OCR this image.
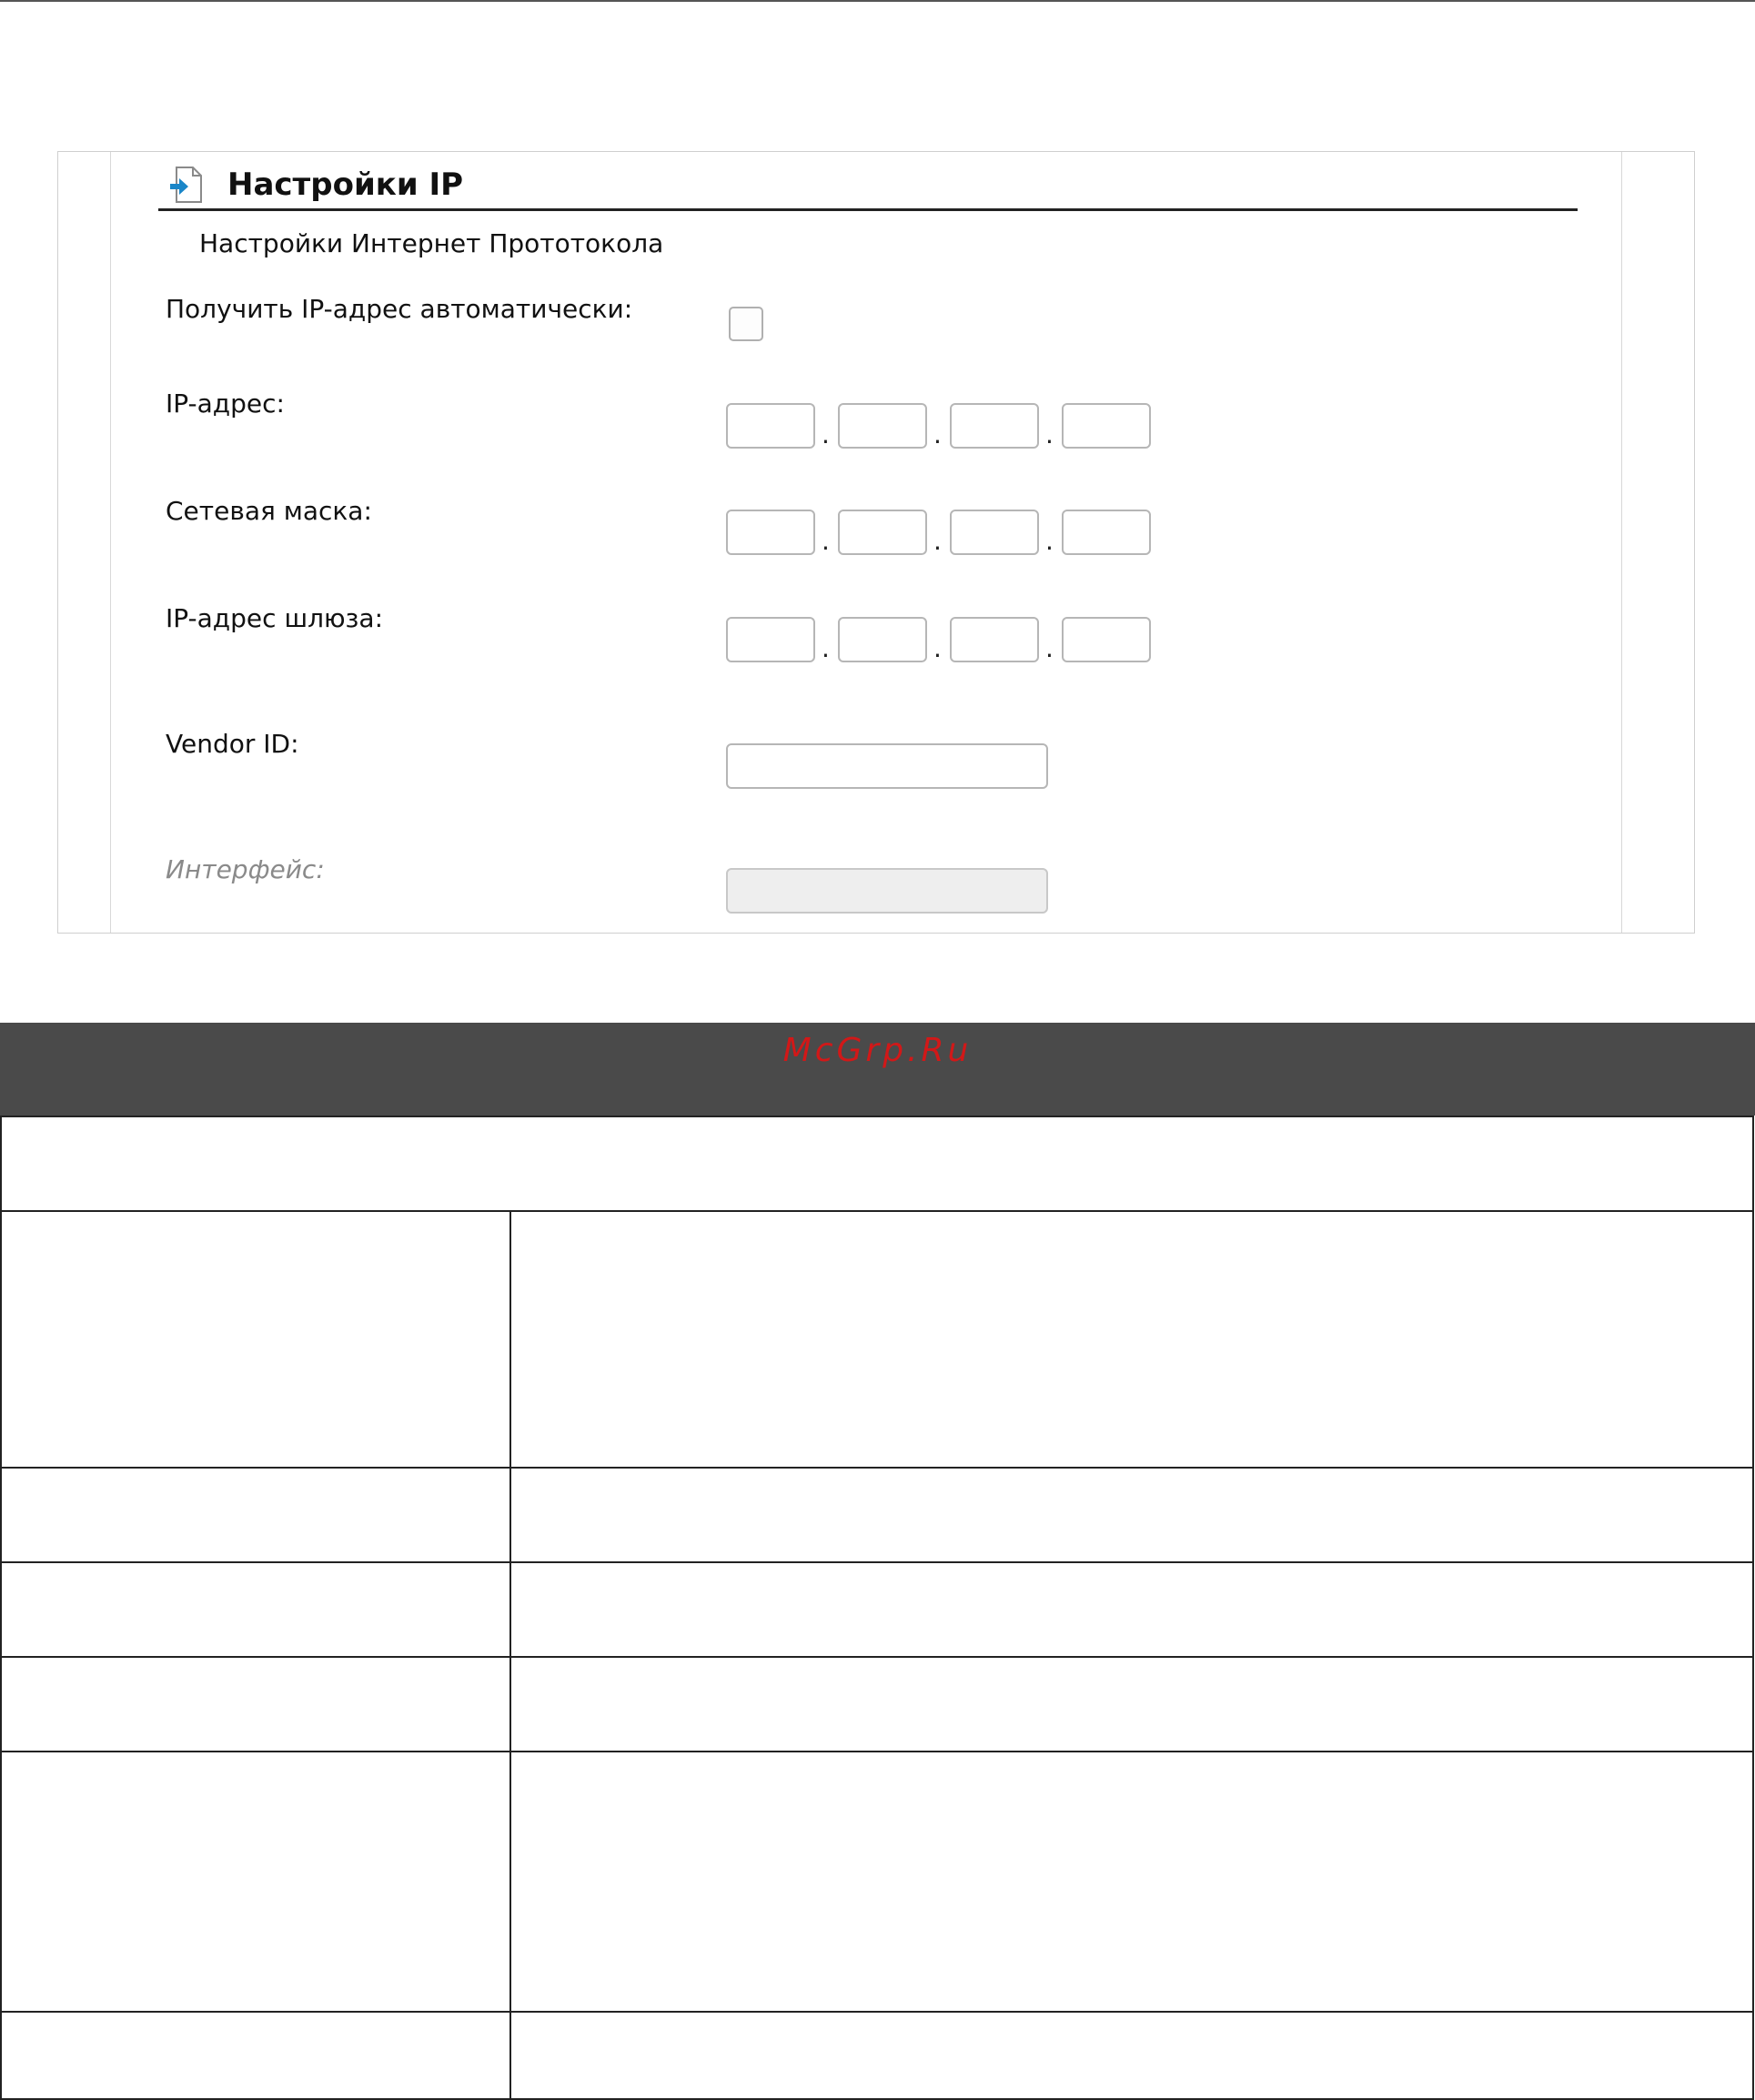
Настройки IP
Настройки Интернет Прототокола
Получить IP-адрес автоматически:
IP-адрес:
.	.	.
Сетевая маска:
.	.	.
IP-адрес шлюза:
.	.	.
Vendor ID:
Интерфейс:
McGrp.Ru
